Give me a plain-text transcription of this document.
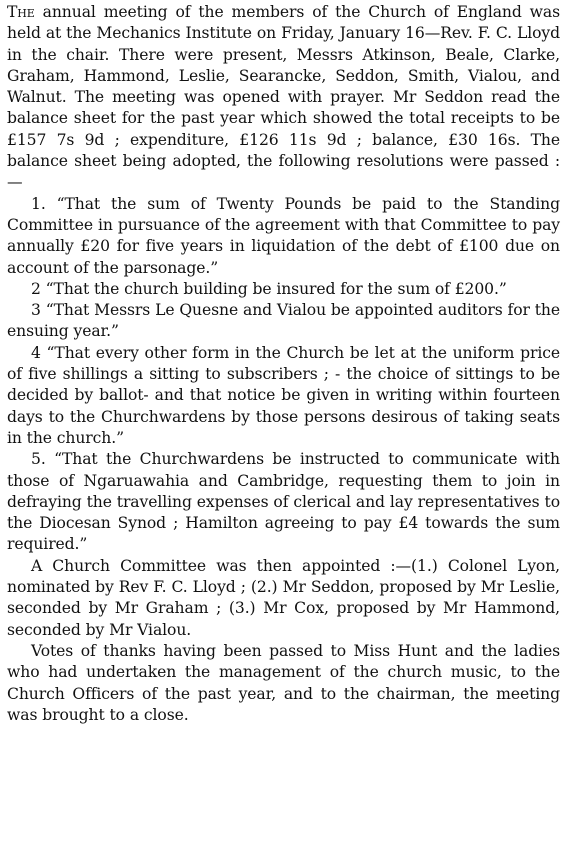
The annual meeting of the members of the Church of England was held at the Mechanics Institute on Friday, January 16—Rev. F. C. Lloyd in the chair. There were present, Messrs Atkinson, Beale, Clarke, Graham, Hammond, Leslie, Searancke, Seddon, Smith, Vialou, and Walnut. The meeting was opened with prayer. Mr Seddon read the balance sheet for the past year which showed the total receipts to be £157 7s 9d ; expenditure, £126 11s 9d ; balance, £30 16s. The balance sheet being adopted, the following resolutions were passed :—

1. “That the sum of Twenty Pounds be paid to the Standing Committee in pursuance of the agreement with that Committee to pay annually £20 for five years in liquidation of the debt of £100 due on account of the parsonage.”

2 “That the church building be insured for the sum of £200.”

3 “That Messrs Le Quesne and Vialou be appointed auditors for the ensuing year.”

4 “That every other form in the Church be let at the uniform price of five shillings a sitting to subscribers ; - the choice of sittings to be decided by ballot- and that notice be given in writing within fourteen days to the Churchwardens by those persons desirous of taking seats in the church.”

5. “That the Churchwardens be instructed to communicate with those of Ngaruawahia and Cambridge, requesting them to join in defraying the travelling expenses of clerical and lay representatives to the Diocesan Synod ; Hamilton agreeing to pay £4 towards the sum required.”

A Church Committee was then appointed :—(1.) Colonel Lyon, nominated by Rev F. C. Lloyd ; (2.) Mr Seddon, proposed by Mr Leslie, seconded by Mr Graham ; (3.) Mr Cox, proposed by Mr Hammond, seconded by Mr Vialou.

Votes of thanks having been passed to Miss Hunt and the ladies who had undertaken the management of the church music, to the Church Officers of the past year, and to the chairman, the meeting was brought to a close.
